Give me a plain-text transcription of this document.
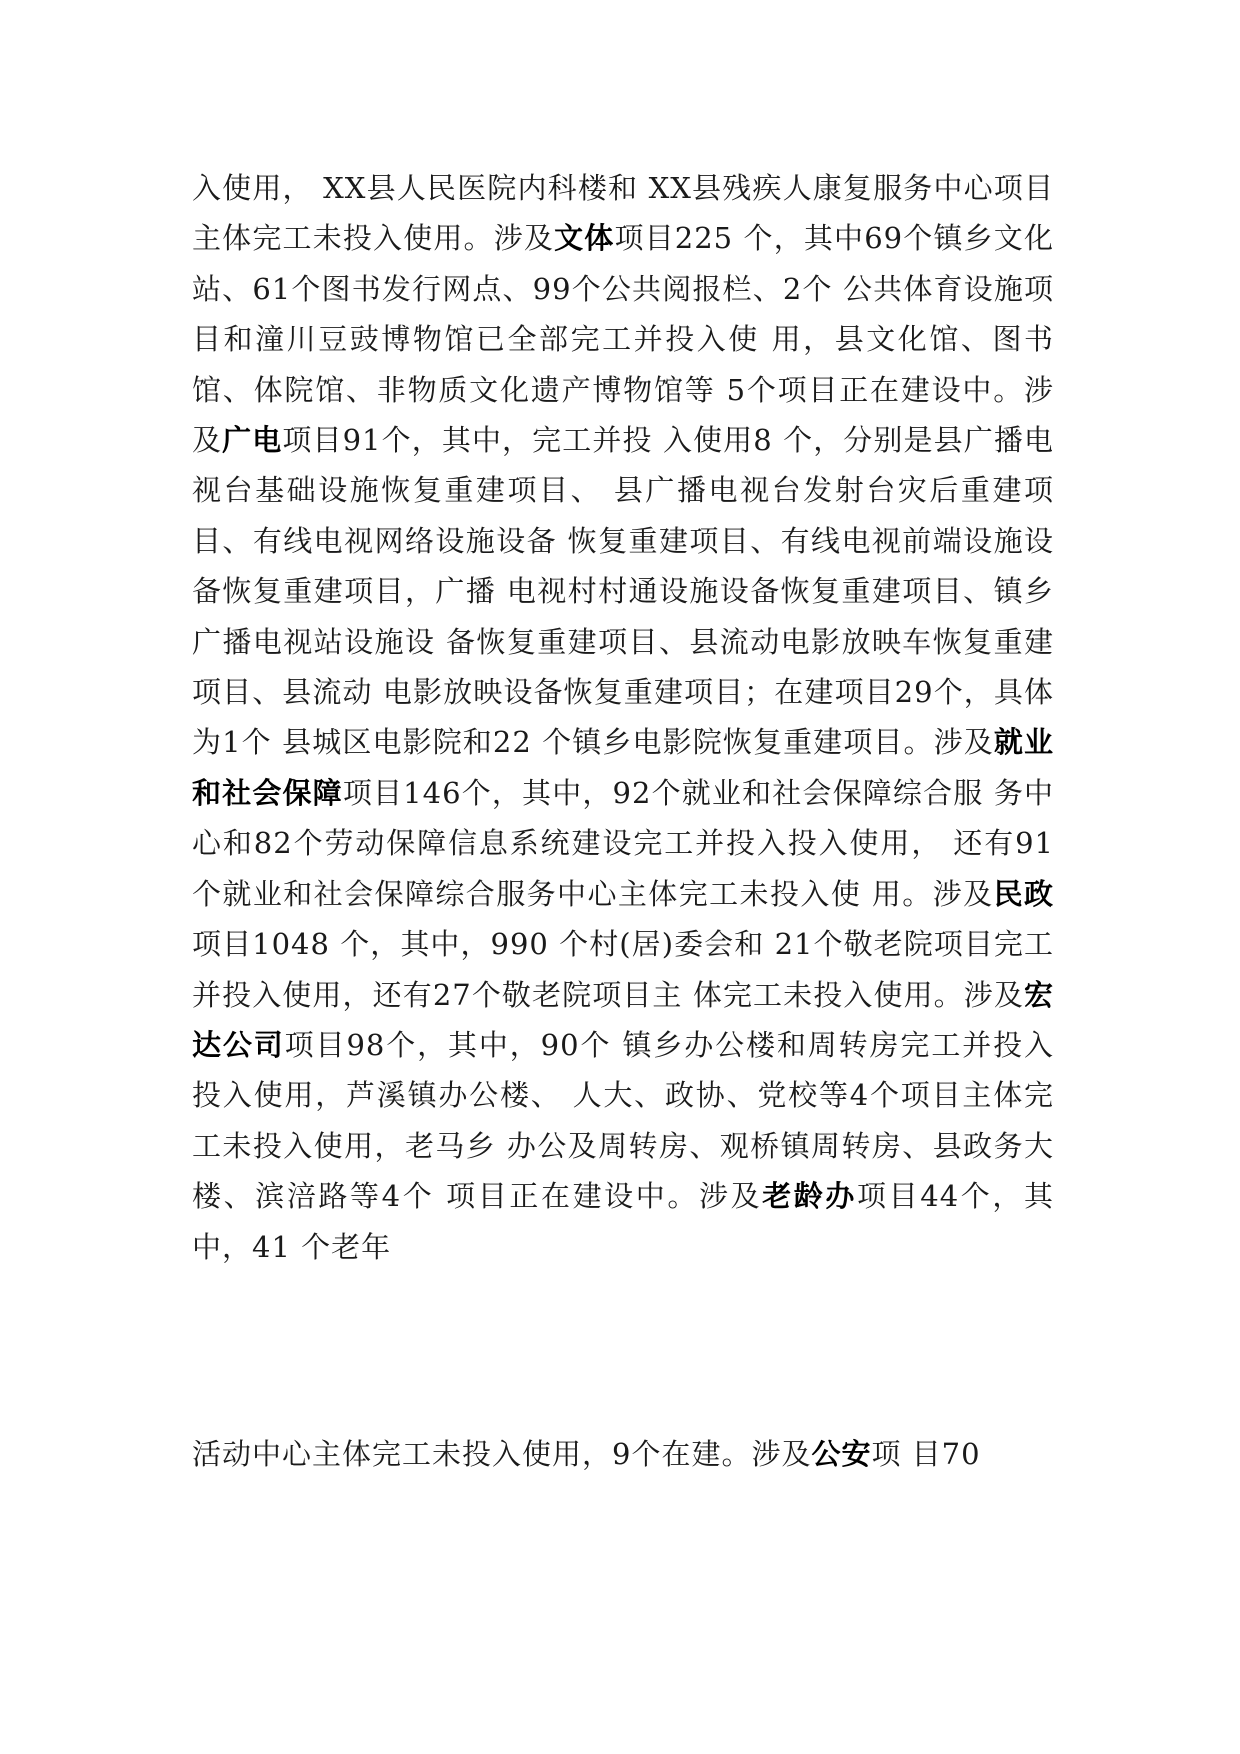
入使用， XX县人民医院内科楼和 XX县残疾人康复服务中心项目主体完工未投入使用。涉及文体项目225 个，其中69个镇乡文化站、61个图书发行网点、99个公共阅报栏、2个 公共体育设施项目和潼川豆豉博物馆已全部完工并投入使 用，县文化馆、图书馆、体院馆、非物质文化遗产博物馆等 5个项目正在建设中。涉及广电项目91个，其中，完工并投 入使用8 个，分别是县广播电视台基础设施恢复重建项目、 县广播电视台发射台灾后重建项目、有线电视网络设施设备 恢复重建项目、有线电视前端设施设备恢复重建项目，广播 电视村村通设施设备恢复重建项目、镇乡广播电视站设施设 备恢复重建项目、县流动电影放映车恢复重建项目、县流动 电影放映设备恢复重建项目；在建项目29个，具体为1个 县城区电影院和22 个镇乡电影院恢复重建项目。涉及就业 和社会保障项目146个，其中，92个就业和社会保障综合服 务中心和82个劳动保障信息系统建设完工并投入投入使用， 还有91 个就业和社会保障综合服务中心主体完工未投入使 用。涉及民政项目1048 个，其中，990 个村(居)委会和 21个敬老院项目完工并投入使用，还有27个敬老院项目主 体完工未投入使用。涉及宏达公司项目98个，其中，90个 镇乡办公楼和周转房完工并投入投入使用，芦溪镇办公楼、 人大、政协、党校等4个项目主体完工未投入使用，老马乡 办公及周转房、观桥镇周转房、县政务大楼、滨涪路等4个 项目正在建设中。涉及老龄办项目44个，其中，41 个老年

活动中心主体完工未投入使用，9个在建。涉及公安项 目70
